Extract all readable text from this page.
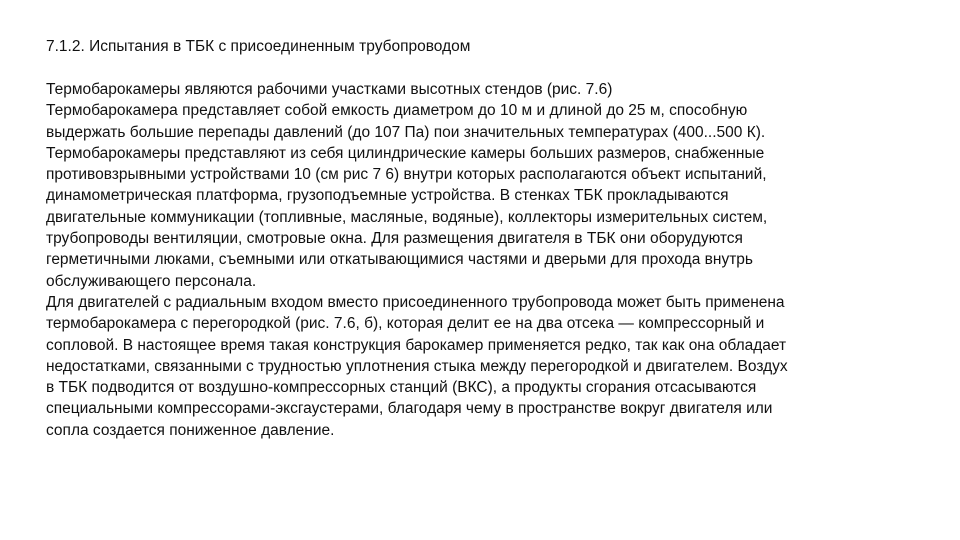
7.1.2. Испытания в ТБК с присоединенным трубопроводом

Термобарокамеры являются рабочими участками высотных стендов (рис. 7.6)

Термобарокамера представляет собой емкость диаметром до 10 м и длиной до 25 м, способную

выдержать большие перепады давлений (до 107 Па) пои значительных температурах (400...500 К).

Термобарокамеры представляют из себя цилиндрические камеры больших размеров, снабженные

противовзрывными устройствами 10 (см рис 7 6) внутри которых располагаются объект испытаний,

динамометрическая платформа, грузоподъемные устройства. В стенках ТБК прокладываются

двигательные коммуникации (топливные, масляные, водяные), коллекторы измерительных систем,

трубопроводы вентиляции, смотровые окна. Для размещения двигателя в ТБК они оборудуются

герметичными люками, съемными или откатывающимися частями и дверьми для прохода внутрь

обслуживающего персонала.

Для двигателей с радиальным входом вместо присоединенного трубопровода может быть применена

термобарокамера с перегородкой (рис. 7.6, б), которая делит ее на два отсека — компрессорный и

сопловой. В настоящее время такая конструкция барокамер применяется редко, так как она обладает

недостатками, связанными с трудностью уплотнения стыка между перегородкой и двигателем. Воздух

в ТБК подводится от воздушно-компрессорных станций (ВКС), а продукты сгорания отсасываются

специальными компрессорами-эксгаустерами, благодаря чему в пространстве вокруг двигателя или

сопла создается пониженное давление.
